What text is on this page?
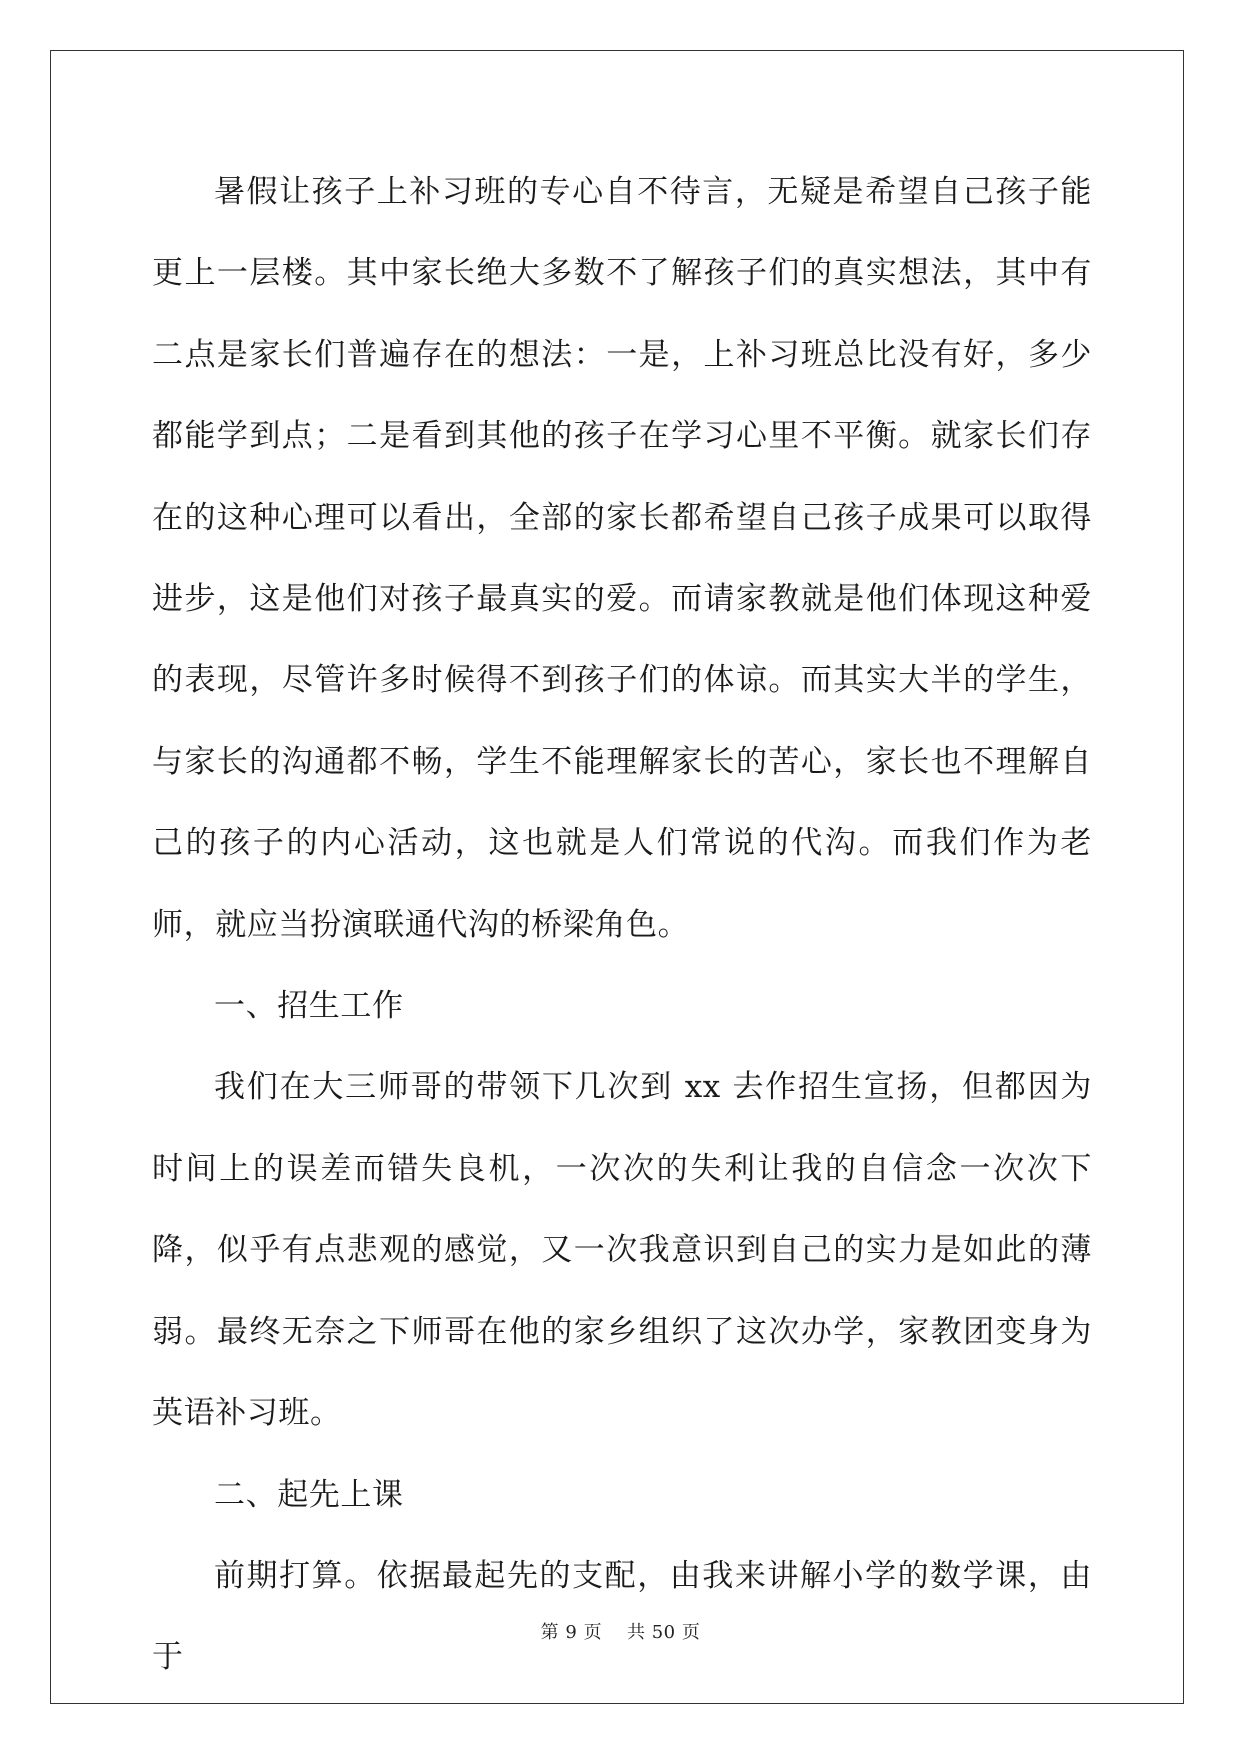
暑假让孩子上补习班的专心自不待言，无疑是希望自己孩子能更上一层楼。其中家长绝大多数不了解孩子们的真实想法，其中有二点是家长们普遍存在的想法：一是，上补习班总比没有好，多少都能学到点；二是看到其他的孩子在学习心里不平衡。就家长们存在的这种心理可以看出，全部的家长都希望自己孩子成果可以取得进步，这是他们对孩子最真实的爱。而请家教就是他们体现这种爱的表现，尽管许多时候得不到孩子们的体谅。而其实大半的学生，与家长的沟通都不畅，学生不能理解家长的苦心，家长也不理解自己的孩子的内心活动，这也就是人们常说的代沟。而我们作为老师，就应当扮演联通代沟的桥梁角色。

一、招生工作

我们在大三师哥的带领下几次到 xx 去作招生宣扬，但都因为时间上的误差而错失良机，一次次的失利让我的自信念一次次下降，似乎有点悲观的感觉，又一次我意识到自己的实力是如此的薄弱。最终无奈之下师哥在他的家乡组织了这次办学，家教团变身为英语补习班。

二、起先上课

前期打算。依据最起先的支配，由我来讲解小学的数学课，由于

第 9 页 共 50 页
